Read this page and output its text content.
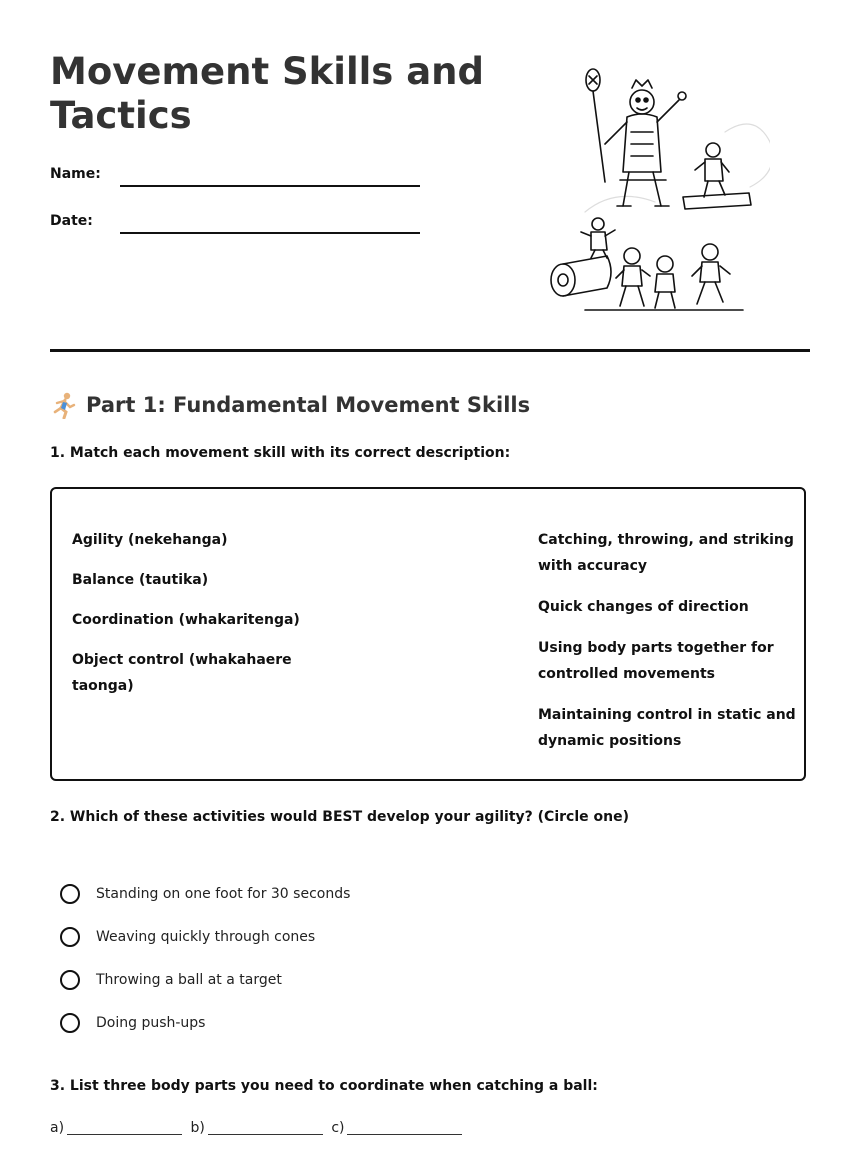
Movement Skills and Tactics
Name:
Date:
Part 1: Fundamental Movement Skills
1. Match each movement skill with its correct description:
Agility (nekehanga)
Balance (tautika)
Coordination (whakaritenga)
Object control (whakahaere taonga)
Catching, throwing, and striking with accuracy
Quick changes of direction
Using body parts together for controlled movements
Maintaining control in static and dynamic positions
2. Which of these activities would BEST develop your agility? (Circle one)
Standing on one foot for 30 seconds
Weaving quickly through cones
Throwing a ball at a target
Doing push-ups
3. List three body parts you need to coordinate when catching a ball:
a)	b)	c)
